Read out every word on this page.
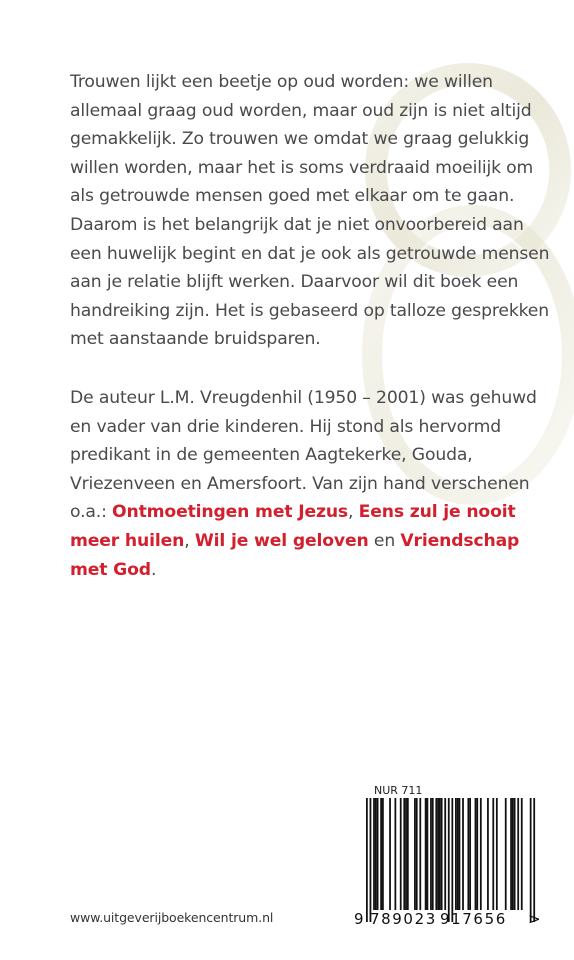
Trouwen lijkt een beetje op oud worden: we willen allemaal graag oud worden, maar oud zijn is niet altijd gemakkelijk. Zo trouwen we omdat we graag gelukkig willen worden, maar het is soms verdraaid moeilijk om als getrouwde mensen goed met elkaar om te gaan. Daarom is het belangrijk dat je niet onvoorbereid aan een huwelijk begint en dat je ook als getrouwde mensen aan je relatie blijft werken. Daarvoor wil dit boek een handreiking zijn. Het is gebaseerd op talloze gesprekken met aanstaande bruidsparen.

De auteur L.M. Vreugdenhil (1950 – 2001) was gehuwd en vader van drie kinderen. Hij stond als hervormd predikant in de gemeenten Aagtekerke, Gouda, Vriezenveen en Amersfoort. Van zijn hand verschenen o.a.: Ontmoetingen met Jezus, Eens zul je nooit meer huilen, Wil je wel geloven en Vriendschap met God.

NUR 711
9 789023 917656 >
www.uitgeverijboekencentrum.nl
